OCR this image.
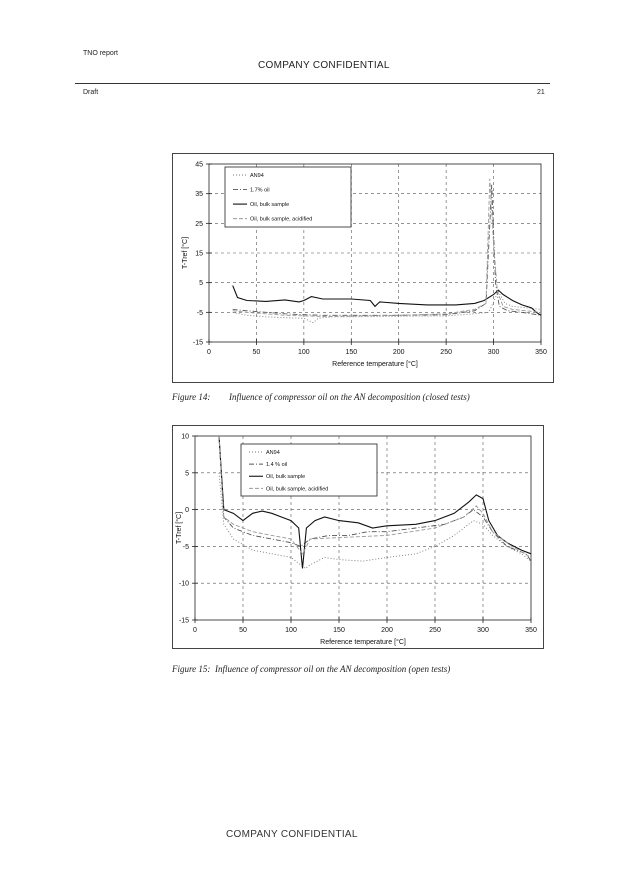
TNO report
COMPANY CONFIDENTIAL
Draft	21
-15
-5
5
15
25
35
45
0	50	100	150	200	250	300	350
Reference temperature [°C]
T-Tref [°C]
AN94
1.7% oil
Oil, bulk sample
Oil, bulk sample, acidified
Figure 14: Influence of compressor oil on the AN decomposition (closed tests)
-15
-10
-5
0
5
10
0	50	100	150	200	250	300	350
Reference temperature [°C]
T-Tref [°C]
AN94
1.4 % oil
Oil, bulk sample
Oil, bulk sample, acidified
Figure 15: Influence of compressor oil on the AN decomposition (open tests)
COMPANY CONFIDENTIAL
